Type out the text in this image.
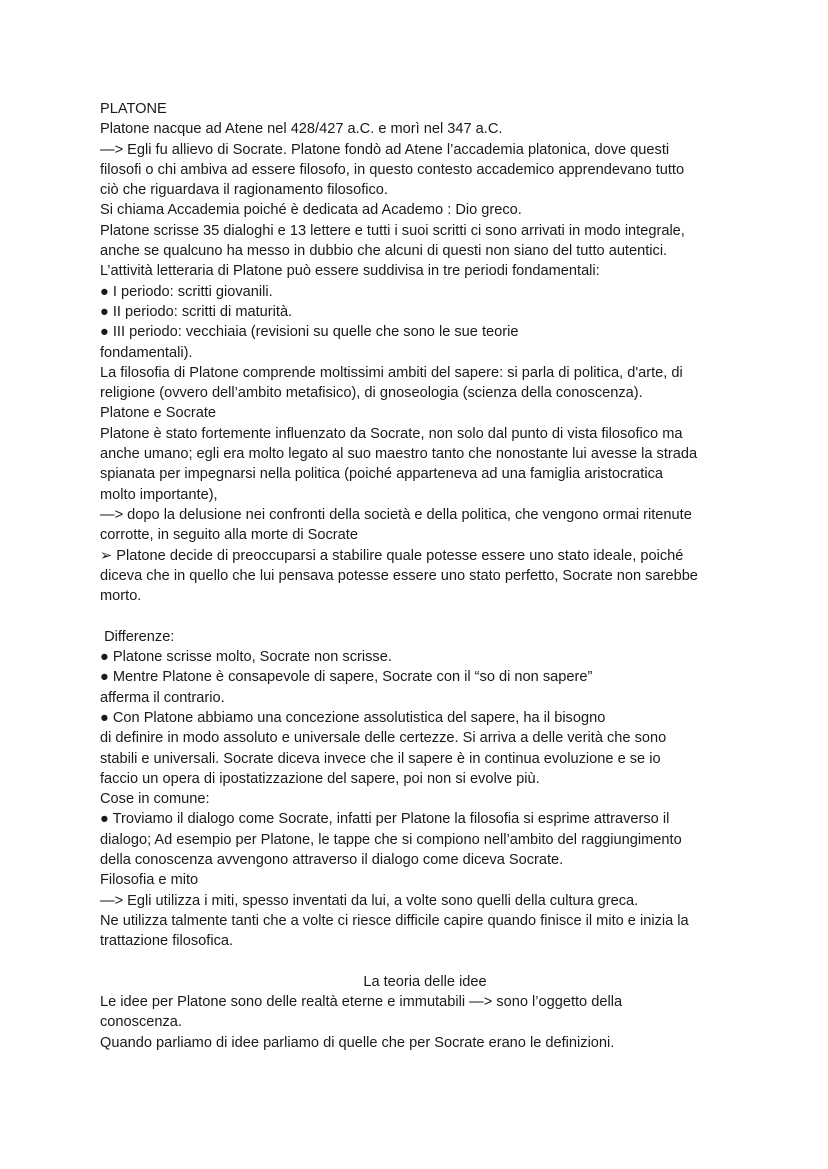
PLATONE

Platone nacque ad Atene nel 428/427 a.C. e morì nel 347 a.C.

—> Egli fu allievo di Socrate. Platone fondò ad Atene l’accademia platonica, dove questi

filosofi o chi ambiva ad essere filosofo, in questo contesto accademico apprendevano tutto

ciò che riguardava il ragionamento filosofico.

Si chiama Accademia poiché è dedicata ad Academo : Dio greco.

Platone scrisse 35 dialoghi e 13 lettere e tutti i suoi scritti ci sono arrivati in modo integrale,

anche se qualcuno ha messo in dubbio che alcuni di questi non siano del tutto autentici.

L’attività letteraria di Platone può essere suddivisa in tre periodi fondamentali:

● I periodo: scritti giovanili.

● II periodo: scritti di maturità.

● III periodo: vecchiaia (revisioni su quelle che sono le sue teorie

fondamentali).

La filosofia di Platone comprende moltissimi ambiti del sapere: si parla di politica, d'arte, di

religione (ovvero dell’ambito metafisico), di gnoseologia (scienza della conoscenza).

Platone e Socrate

Platone è stato fortemente influenzato da Socrate, non solo dal punto di vista filosofico ma

anche umano; egli era molto legato al suo maestro tanto che nonostante lui avesse la strada

spianata per impegnarsi nella politica (poiché apparteneva ad una famiglia aristocratica

molto importante),

—> dopo la delusione nei confronti della società e della politica, che vengono ormai ritenute

corrotte, in seguito alla morte di Socrate

➢ Platone decide di preoccuparsi a stabilire quale potesse essere uno stato ideale, poiché

diceva che in quello che lui pensava potesse essere uno stato perfetto, Socrate non sarebbe

morto.

Differenze:

● Platone scrisse molto, Socrate non scrisse.

● Mentre Platone è consapevole di sapere, Socrate con il “so di non sapere”

afferma il contrario.

● Con Platone abbiamo una concezione assolutistica del sapere, ha il bisogno

di definire in modo assoluto e universale delle certezze. Si arriva a delle verità che sono

stabili e universali. Socrate diceva invece che il sapere è in continua evoluzione e se io

faccio un opera di ipostatizzazione del sapere, poi non si evolve più.

Cose in comune:

● Troviamo il dialogo come Socrate, infatti per Platone la filosofia si esprime attraverso il

dialogo; Ad esempio per Platone, le tappe che si compiono nell’ambito del raggiungimento

della conoscenza avvengono attraverso il dialogo come diceva Socrate.

Filosofia e mito

—> Egli utilizza i miti, spesso inventati da lui, a volte sono quelli della cultura greca.

Ne utilizza talmente tanti che a volte ci riesce difficile capire quando finisce il mito e inizia la

trattazione filosofica.

La teoria delle idee

Le idee per Platone sono delle realtà eterne e immutabili —> sono l’oggetto della

conoscenza.

Quando parliamo di idee parliamo di quelle che per Socrate erano le definizioni.
